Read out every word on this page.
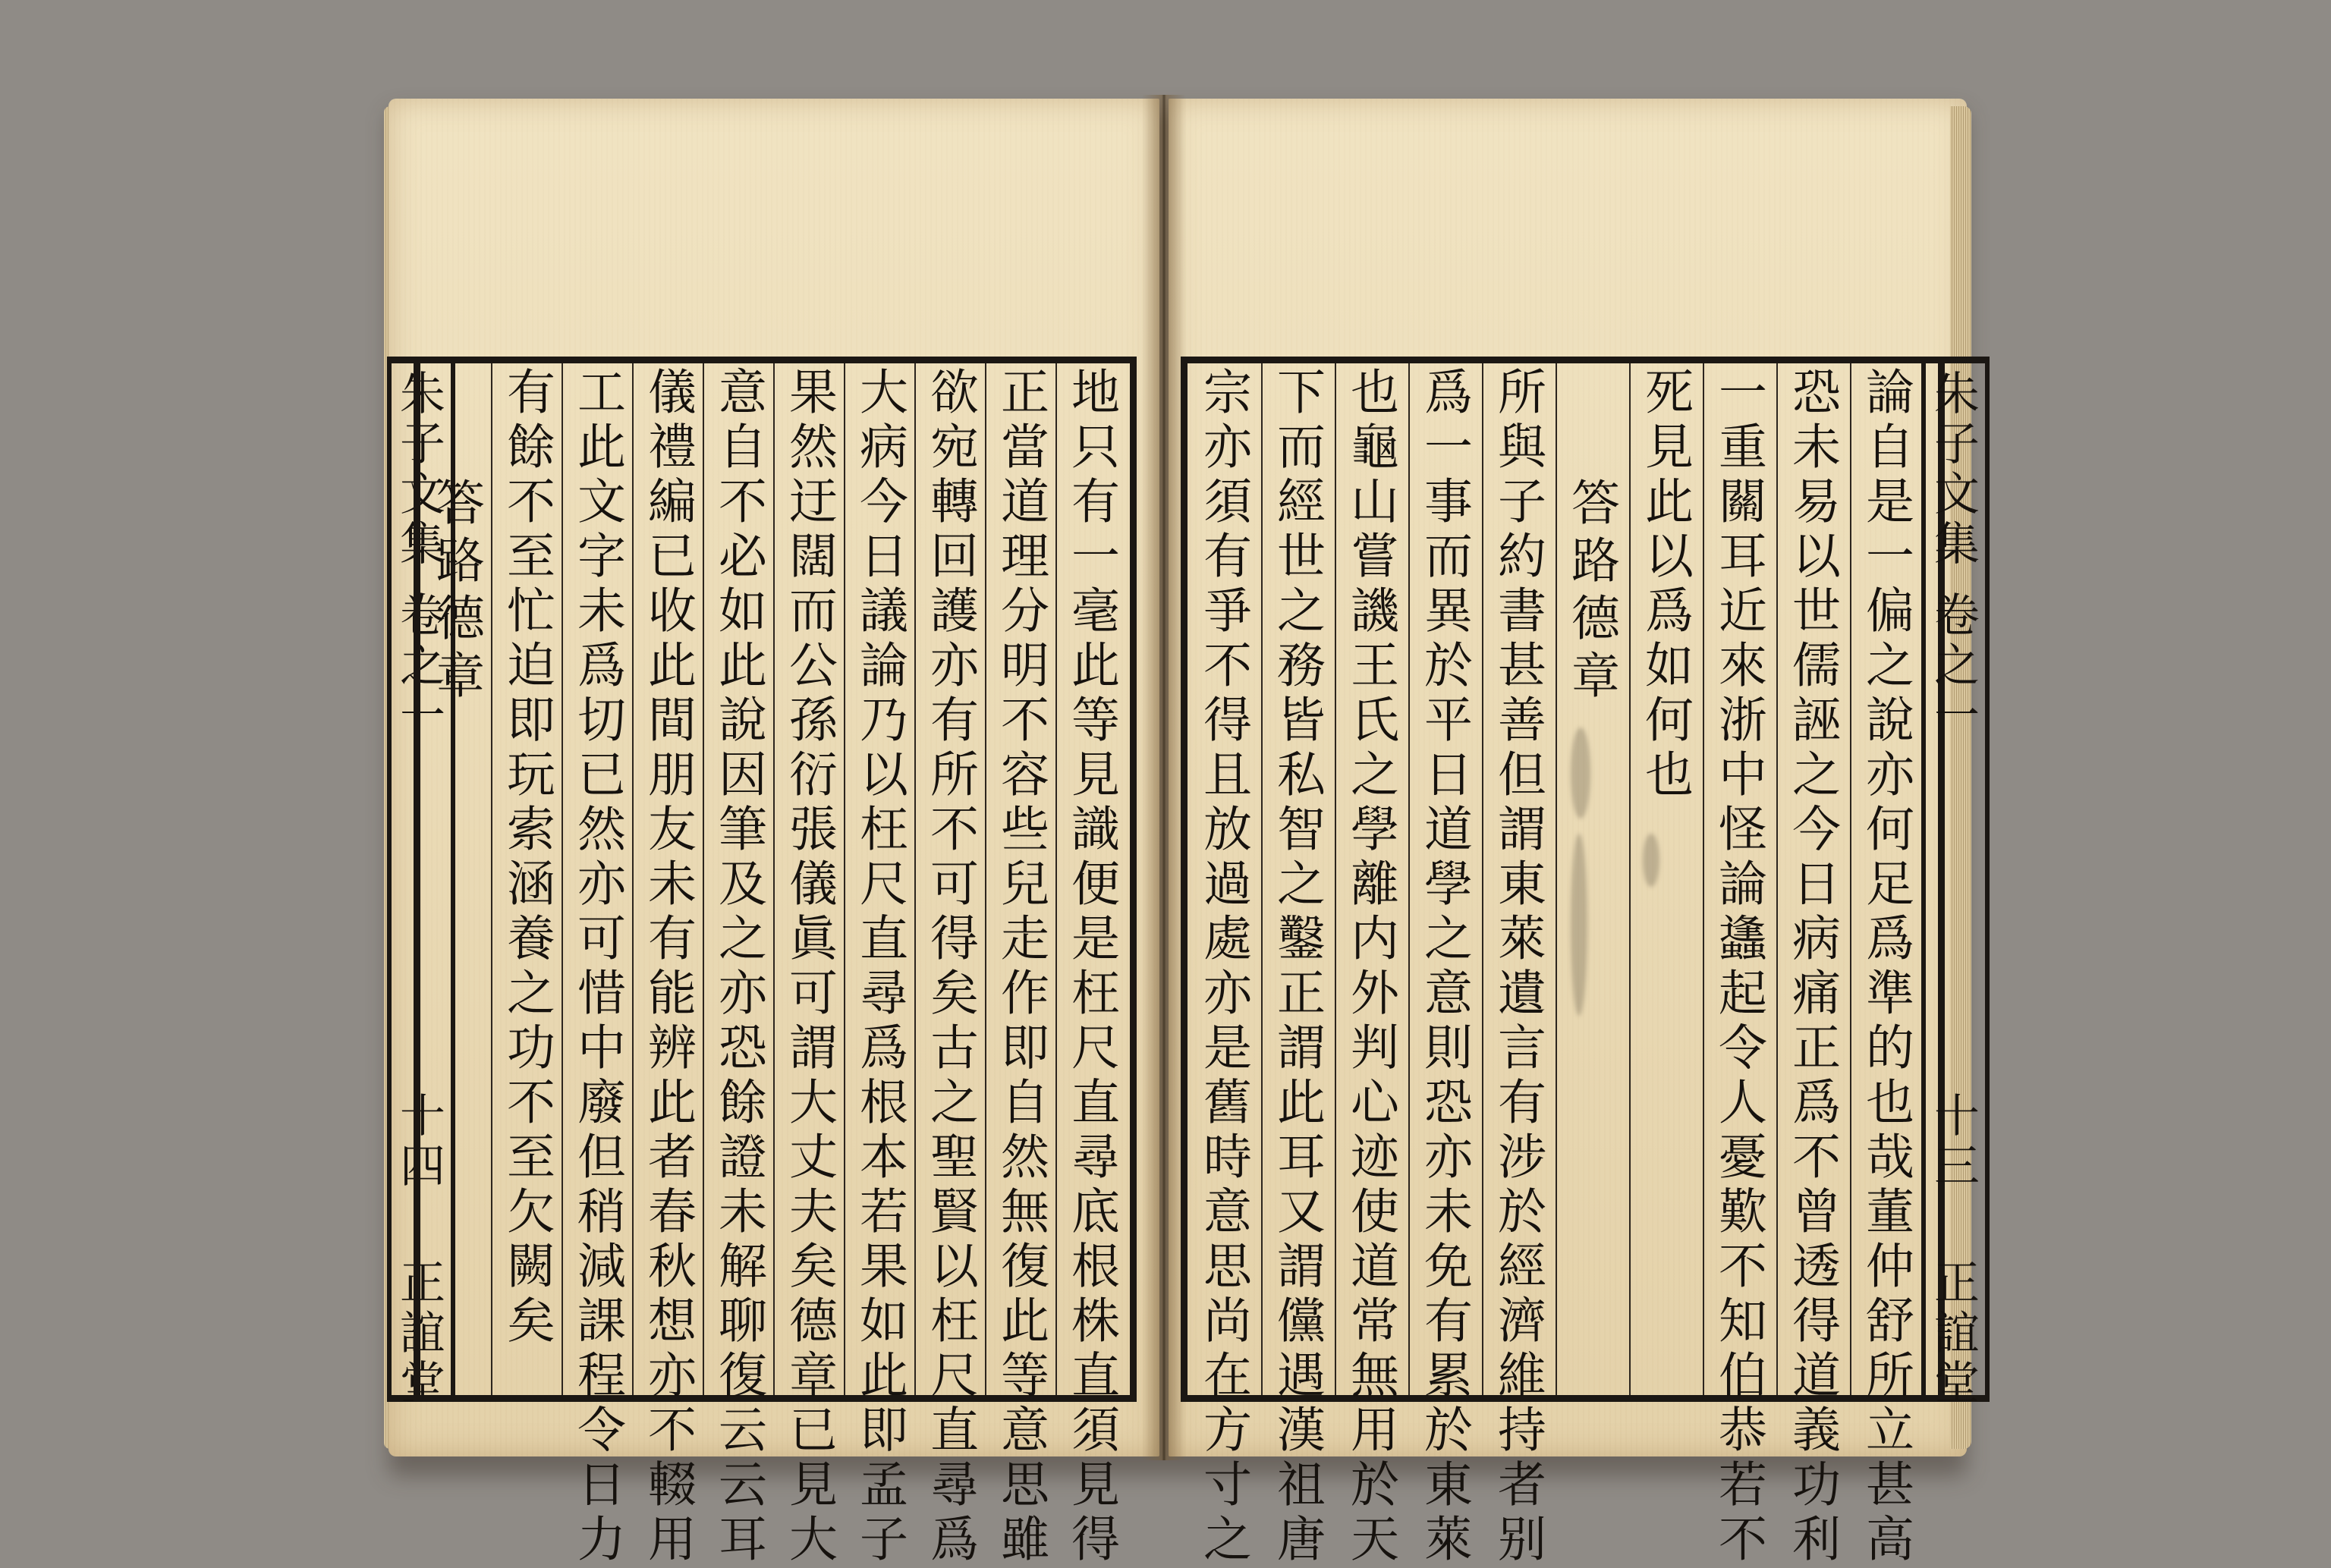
朱子文集
卷之一
十四
正誼堂	地只有一毫此等見識便是枉尺直尋底根株直須見得
正當道理分明不容些兒走作即自然無復此等意思雖
欲宛轉回護亦有所不可得矣古之聖賢以枉尺直尋爲
大病今日議論乃以枉尺直尋爲根本若果如此即孟子
果然迂闊而公孫衍張儀眞可謂大丈夫矣德章已見大
意自不必如此說因筆及之亦恐餘證未解聊復云云耳
儀禮編已收此間朋友未有能辨此者春秋想亦不輟用
工此文字未爲切已然亦可惜中廢但稍減課程令日力
有餘不至忙迫即玩索涵養之功不至欠闕矣
答路德章	論自是一偏之說亦何足爲準的也哉董仲舒所立甚高
恐未易以世儒誣之今日病痛正爲不曾透得道義功利
一重關耳近來浙中怪論蠭起令人憂歎不知伯恭若不
死見此以爲如何也
答路德章
所與子約書甚善但謂東萊遺言有涉於經濟維持者别
爲一事而異於平日道學之意則恐亦未免有累於東萊
也龜山嘗譏王氏之學離内外判心迹使道常無用於天
下而經世之務皆私智之鑿正謂此耳又謂儻遇漢祖唐
宗亦須有爭不得且放過處亦是舊時意思尚在方寸之	朱子文集
卷之一
十三
正誼堂
